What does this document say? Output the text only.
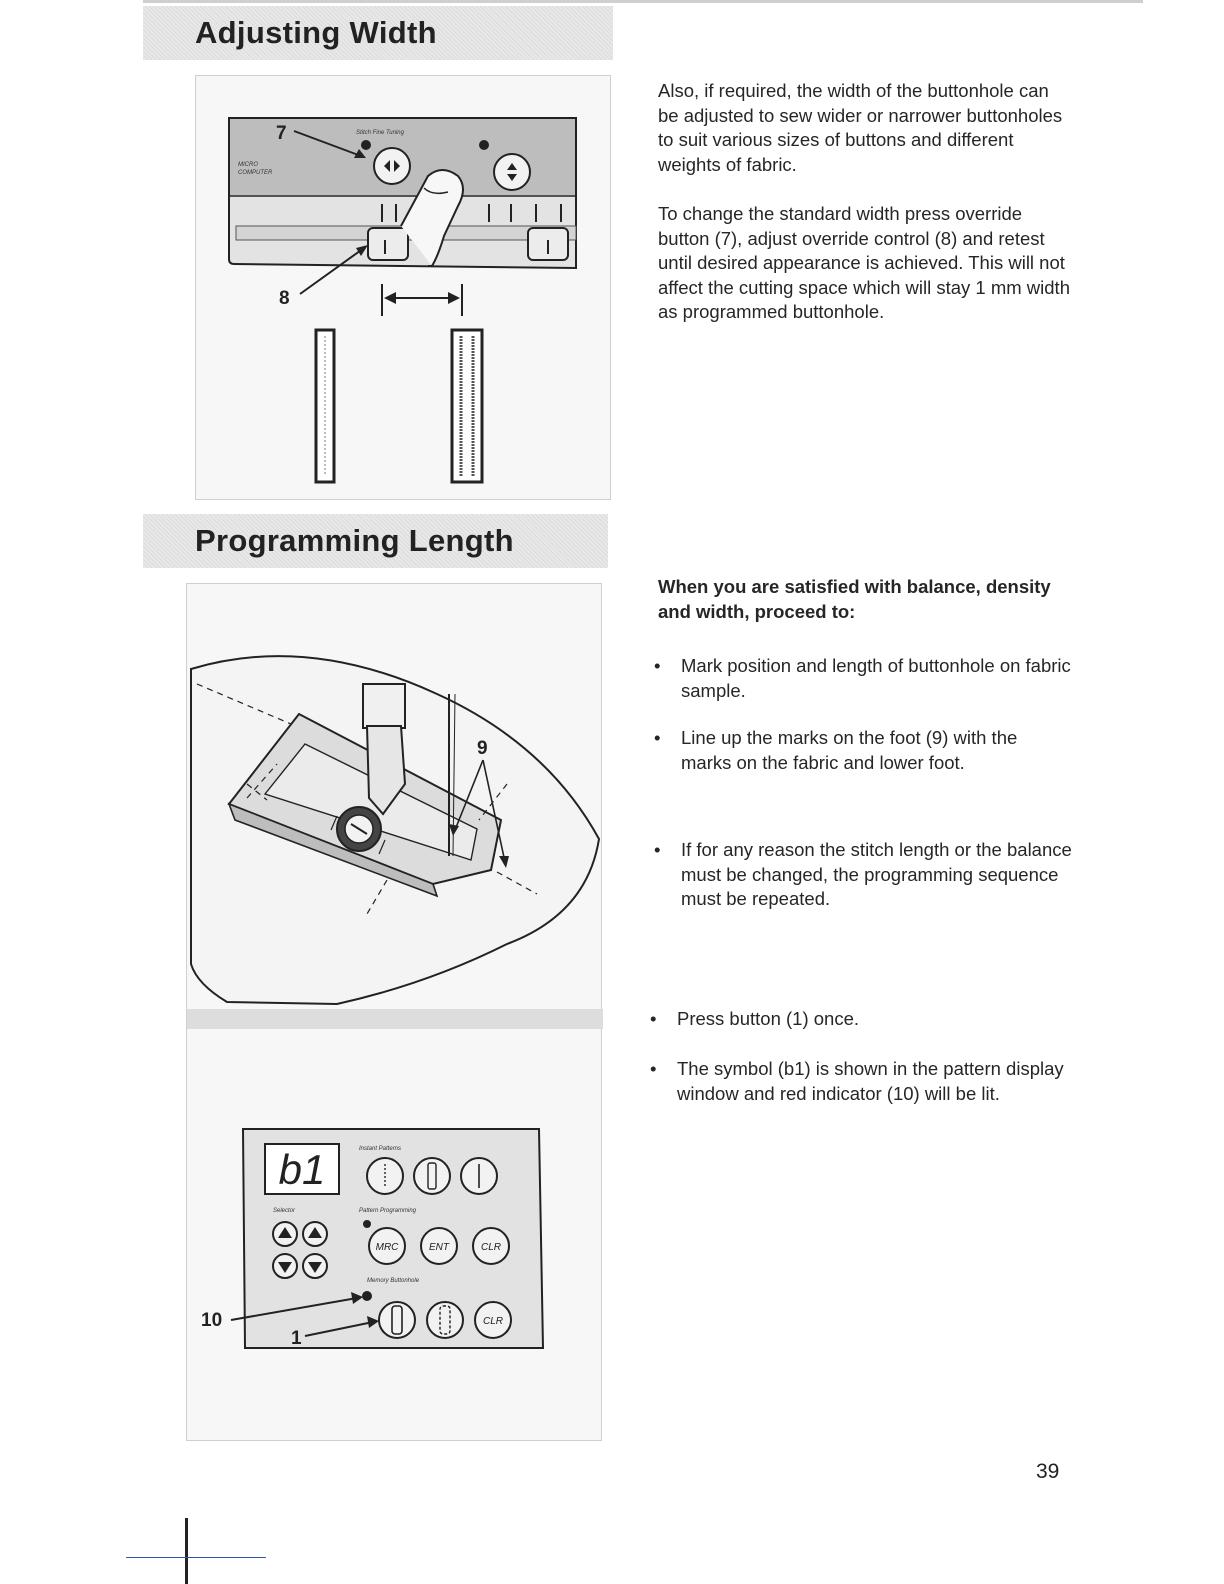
Adjusting Width
Stitch Fine Tuning
MICRO
COMPUTER
7
8

Also, if required, the width of the buttonhole can be adjusted to sew wider or narrower buttonholes to suit various sizes of buttons and different weights of fabric.

To change the standard width press override button (7), adjust override control (8) and retest until desired appearance is achieved. This will not affect the cutting space which will stay 1 mm width as programmed buttonhole.

Programming Length
9
b1	Instant Patterns
Selector	Pattern Programming
MRC	ENT	CLR
Memory Buttonhole
CLR
10
1
When you are satisfied with balance, density and width, proceed to:
• Mark position and length of buttonhole on fabric sample.
• Line up the marks on the foot (9) with the marks on the fabric and lower foot.
• If for any reason the stitch length or the balance must be changed, the programming sequence must be repeated.
• Press button (1) once.
• The symbol (b1) is shown in the pattern display window and red indicator (10) will be lit.
39
